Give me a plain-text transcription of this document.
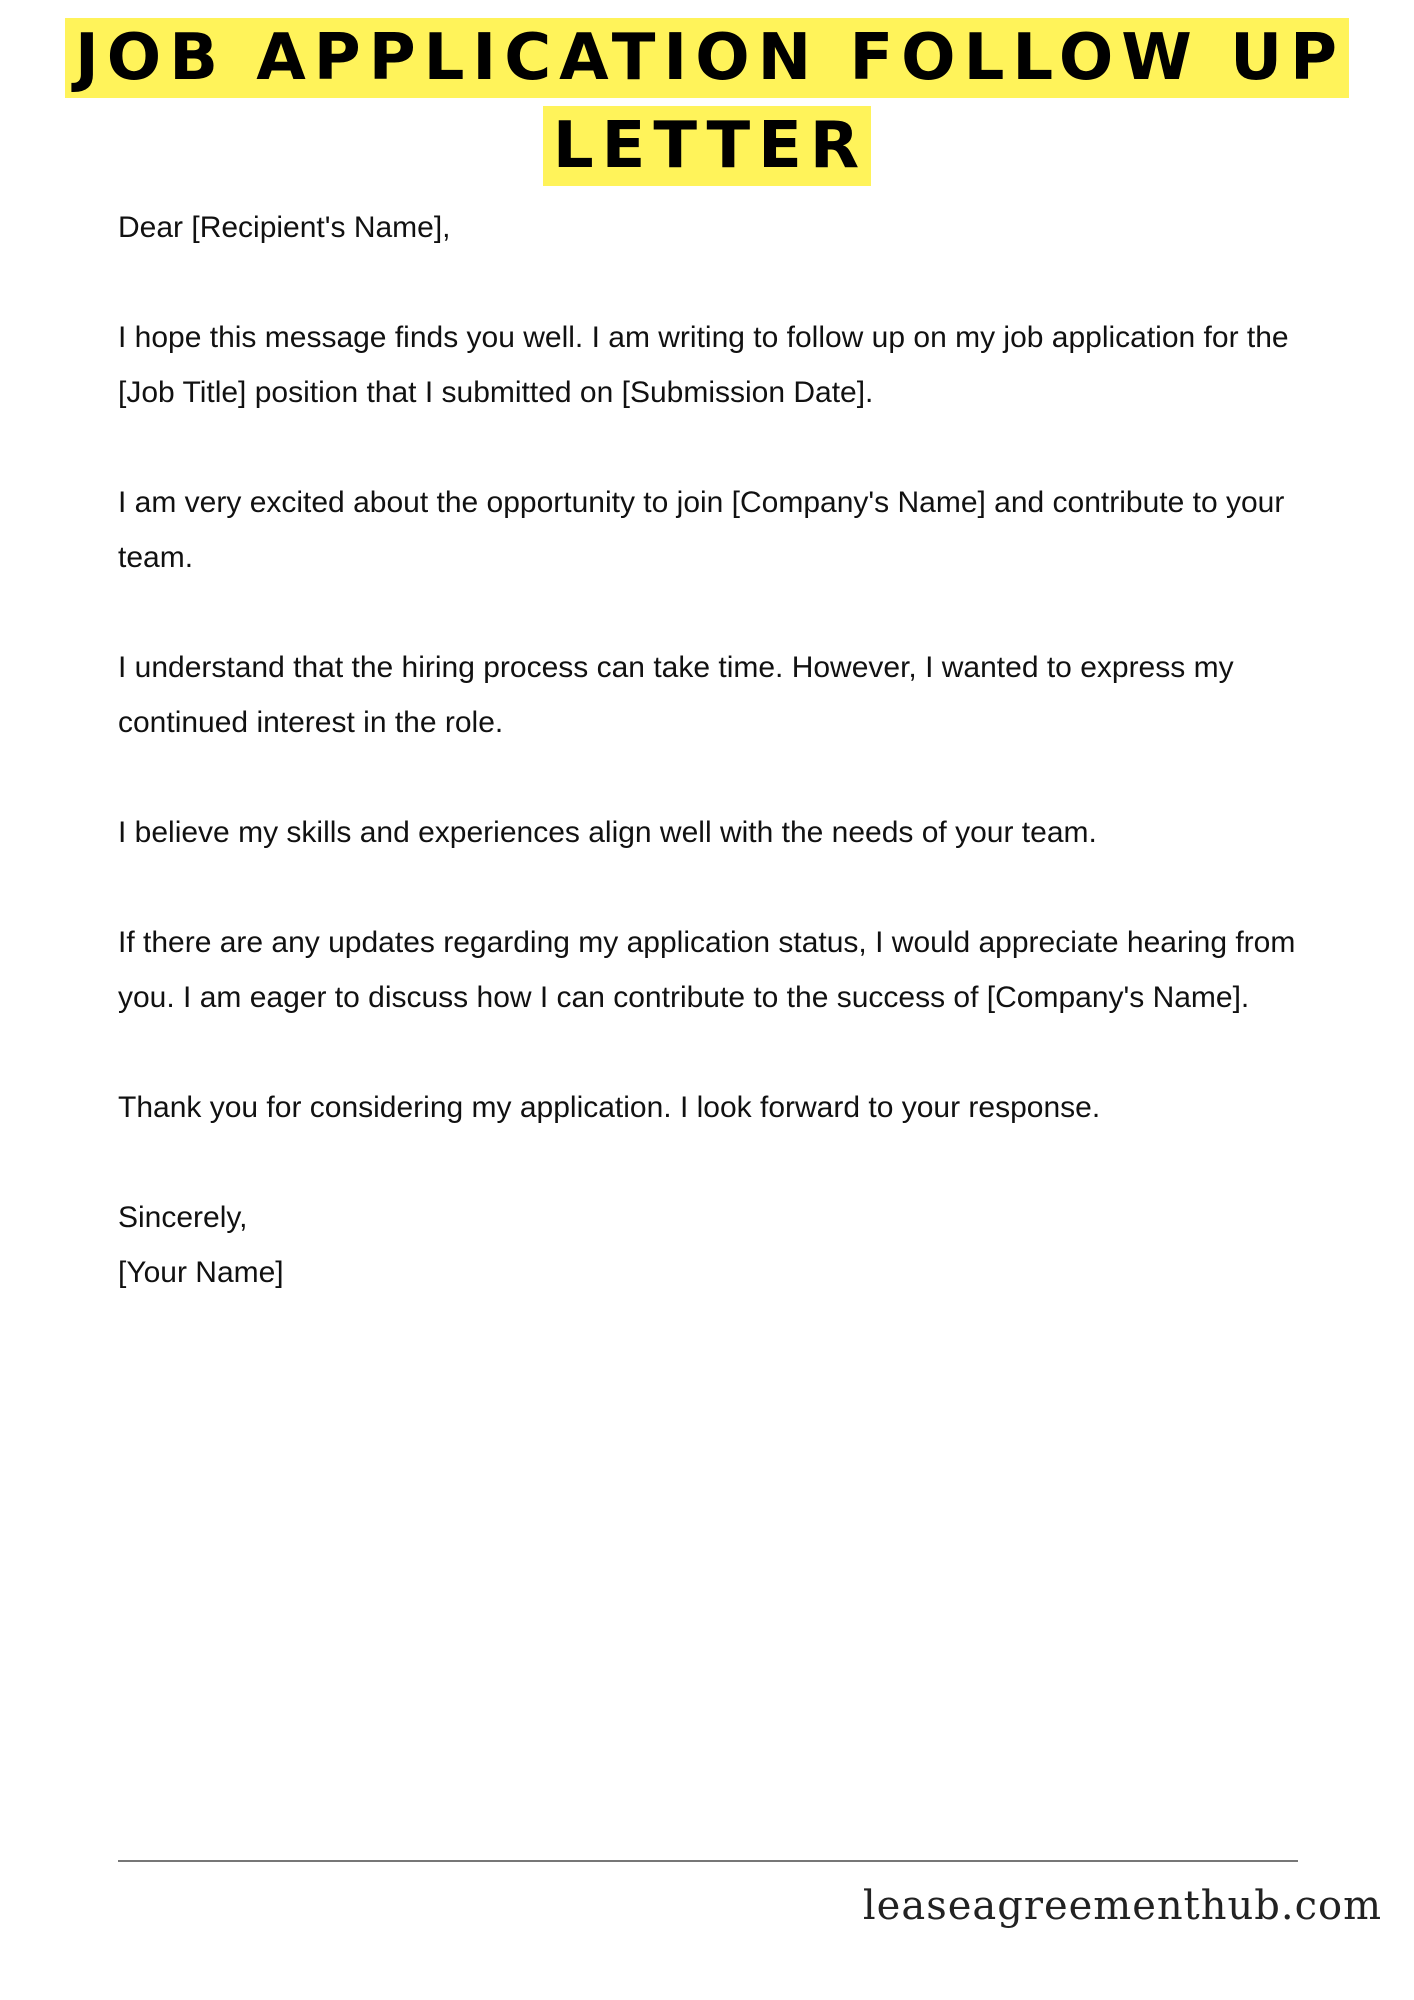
JOB APPLICATION FOLLOW UP
LETTER

Dear [Recipient's Name],

I hope this message finds you well. I am writing to follow up on my job application for the [Job Title] position that I submitted on [Submission Date].

I am very excited about the opportunity to join [Company's Name] and contribute to your team.

I understand that the hiring process can take time. However, I wanted to express my continued interest in the role.

I believe my skills and experiences align well with the needs of your team.

If there are any updates regarding my application status, I would appreciate hearing from you. I am eager to discuss how I can contribute to the success of [Company's Name].

Thank you for considering my application. I look forward to your response.

Sincerely,

[Your Name]

leaseagreementhub.com
